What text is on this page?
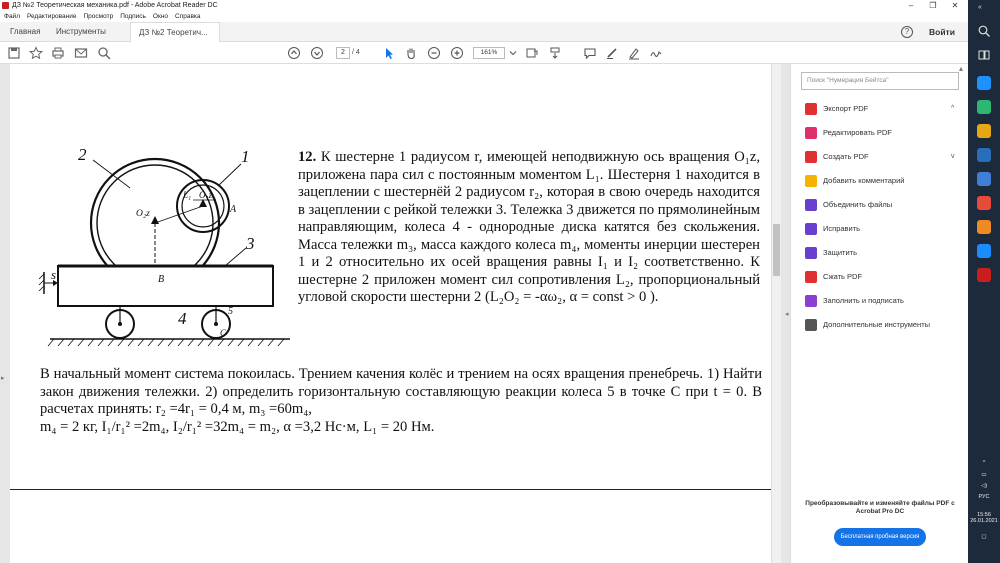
ДЗ №2 Теоретическая механика.pdf - Adobe Acrobat Reader DC	–	❐	✕
Файл Редактирование Просмотр Подпись Окно Справка
Главная	Инструменты	ДЗ №2 Теоретич...	?	Войти
2	/ 4	161%
▸
s
2	1
3
4	5
A
B
C
O₂z
O₁z
L₁
12. К шестерне 1 радиусом r, имеющей неподвижную ось вращения O₁z, приложена пара сил с постоянным моментом L₁. Шестерня 1 находится в зацеплении с шестернёй 2 радиусом r₂, которая в свою очередь находится в зацеплении с рейкой тележки 3. Тележка 3 движется по прямолинейным направляющим, колеса 4 - однородные диска катятся без скольжения. Масса тележки m₃, масса каждого колеса m₄, моменты инерции шестерен 1 и 2 относительно их осей вращения равны I₁ и I₂ соответственно. К шестерне 2 приложен момент сил сопротивления L₂, пропорциональный угловой скорости шестерни 2 (L₂O₂ = -αω₂, α = const > 0 ).
В начальный момент система покоилась. Трением качения колёс и трением на осях вращения пренебречь. 1) Найти закон движения тележки. 2) определить горизонтальную составляющую реакции колеса 5 в точке С при t = 0. В расчетах принять: r₂ =4r₁ = 0,4 м, m₃ =60m₄,
m₄ = 2 кг, I₁/r₁² =2m₄, I₂/r₁² =32m₄ = m₂, α =3,2 Нс·м, L₁ = 20 Нм.
◂
Поиск "Нумерация Бейтса"
▴
Экспорт PDF	^
Редактировать PDF
Создать PDF	v
Добавить комментарий
Объединить файлы
Исправить
Защитить
Сжать PDF
Заполнить и подписать
Дополнительные инструменты
Преобразовывайте и изменяйте файлы PDF с Acrobat Pro DC
Бесплатная пробная версия
«
^
▭
◁)
РУС
15:56
26.01.2021
▢
